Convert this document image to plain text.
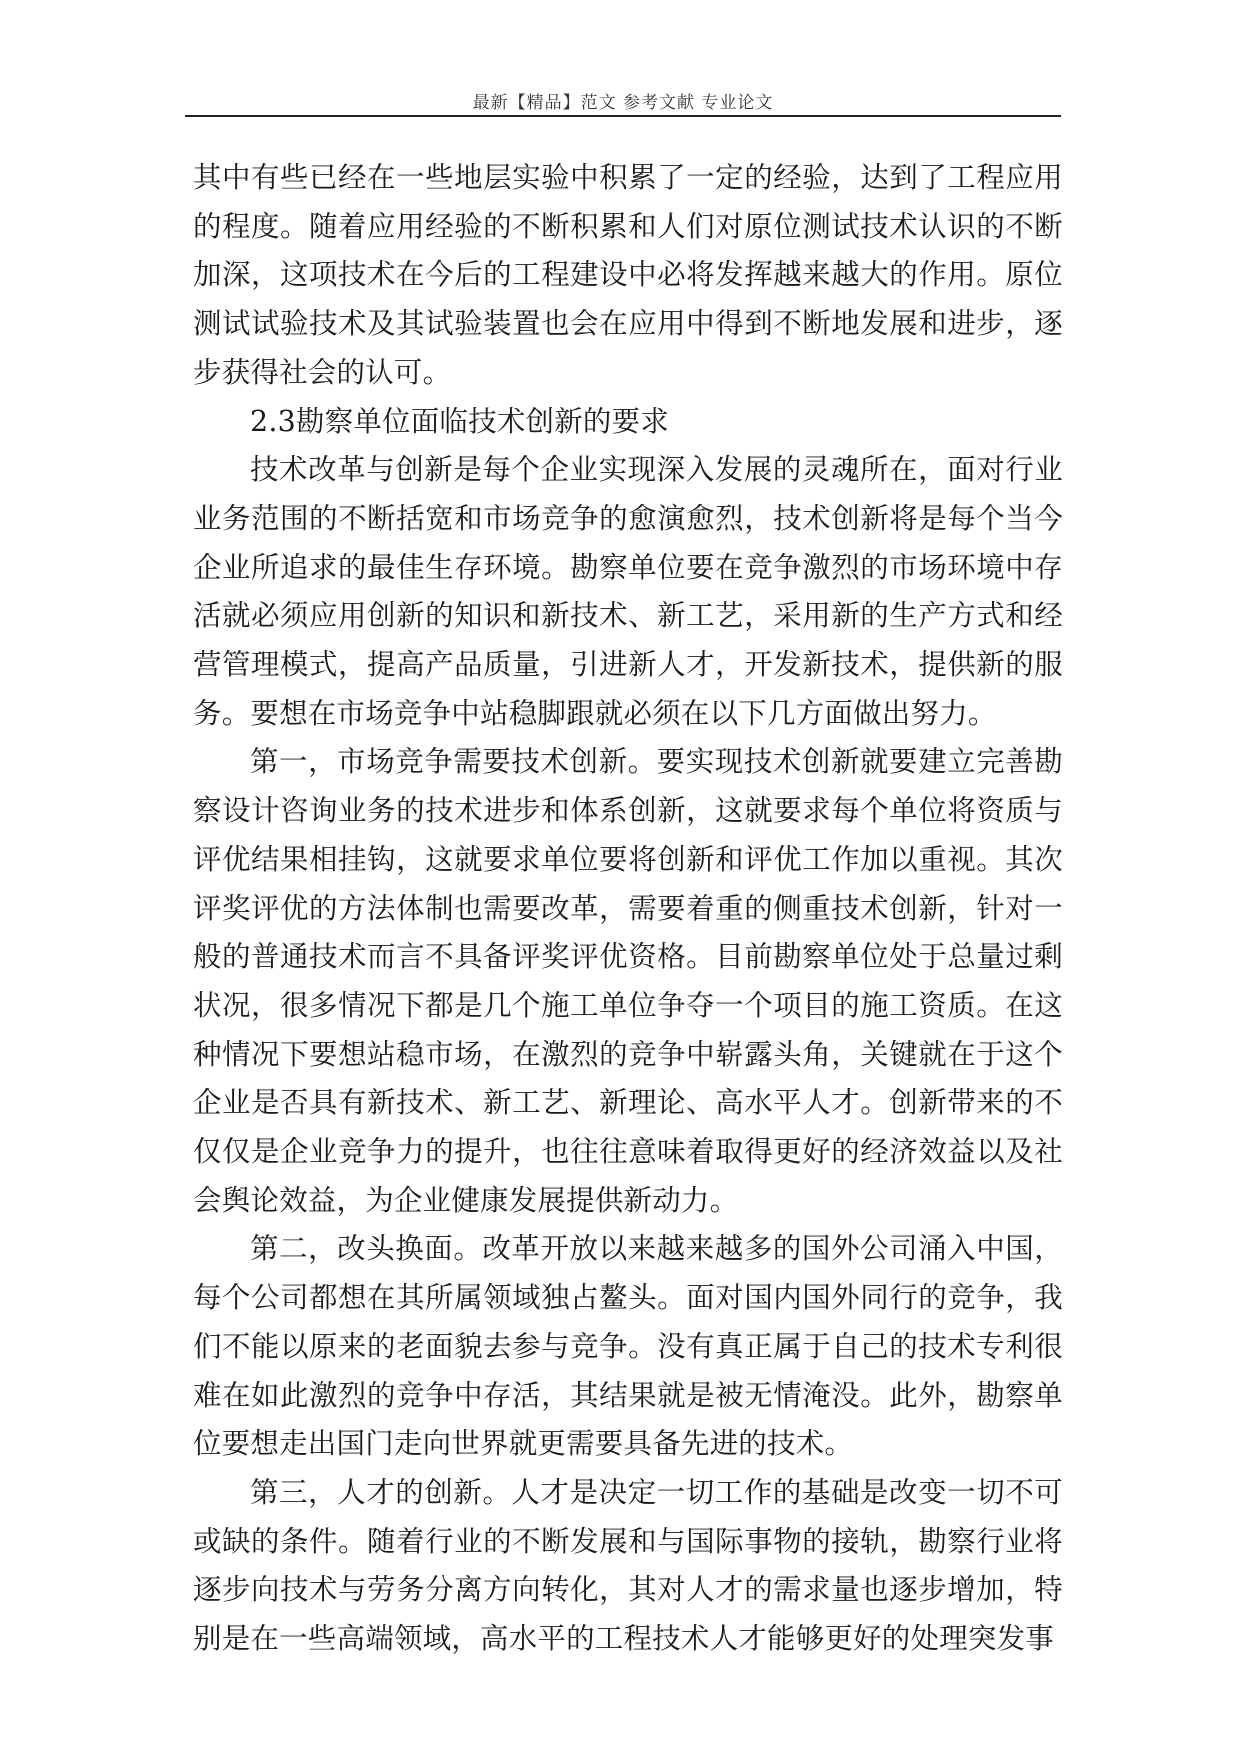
最新【精品】范文 参考文献 专业论文

其中有些已经在一些地层实验中积累了一定的经验，达到了工程应用的程度。随着应用经验的不断积累和人们对原位测试技术认识的不断加深，这项技术在今后的工程建设中必将发挥越来越大的作用。原位测试试验技术及其试验装置也会在应用中得到不断地发展和进步，逐步获得社会的认可。

2.3勘察单位面临技术创新的要求

技术改革与创新是每个企业实现深入发展的灵魂所在，面对行业业务范围的不断括宽和市场竞争的愈演愈烈，技术创新将是每个当今企业所追求的最佳生存环境。勘察单位要在竞争激烈的市场环境中存活就必须应用创新的知识和新技术、新工艺，采用新的生产方式和经营管理模式，提高产品质量，引进新人才，开发新技术，提供新的服务。要想在市场竞争中站稳脚跟就必须在以下几方面做出努力。

第一，市场竞争需要技术创新。要实现技术创新就要建立完善勘察设计咨询业务的技术进步和体系创新，这就要求每个单位将资质与评优结果相挂钩，这就要求单位要将创新和评优工作加以重视。其次评奖评优的方法体制也需要改革，需要着重的侧重技术创新，针对一般的普通技术而言不具备评奖评优资格。目前勘察单位处于总量过剩状况，很多情况下都是几个施工单位争夺一个项目的施工资质。在这种情况下要想站稳市场，在激烈的竞争中崭露头角，关键就在于这个企业是否具有新技术、新工艺、新理论、高水平人才。创新带来的不仅仅是企业竞争力的提升，也往往意味着取得更好的经济效益以及社会舆论效益，为企业健康发展提供新动力。

第二，改头换面。改革开放以来越来越多的国外公司涌入中国，每个公司都想在其所属领域独占鳌头。面对国内国外同行的竞争，我们不能以原来的老面貌去参与竞争。没有真正属于自己的技术专利很难在如此激烈的竞争中存活，其结果就是被无情淹没。此外，勘察单位要想走出国门走向世界就更需要具备先进的技术。

第三，人才的创新。人才是决定一切工作的基础是改变一切不可或缺的条件。随着行业的不断发展和与国际事物的接轨，勘察行业将逐步向技术与劳务分离方向转化，其对人才的需求量也逐步增加，特别是在一些高端领域，高水平的工程技术人才能够更好的处理突发事
